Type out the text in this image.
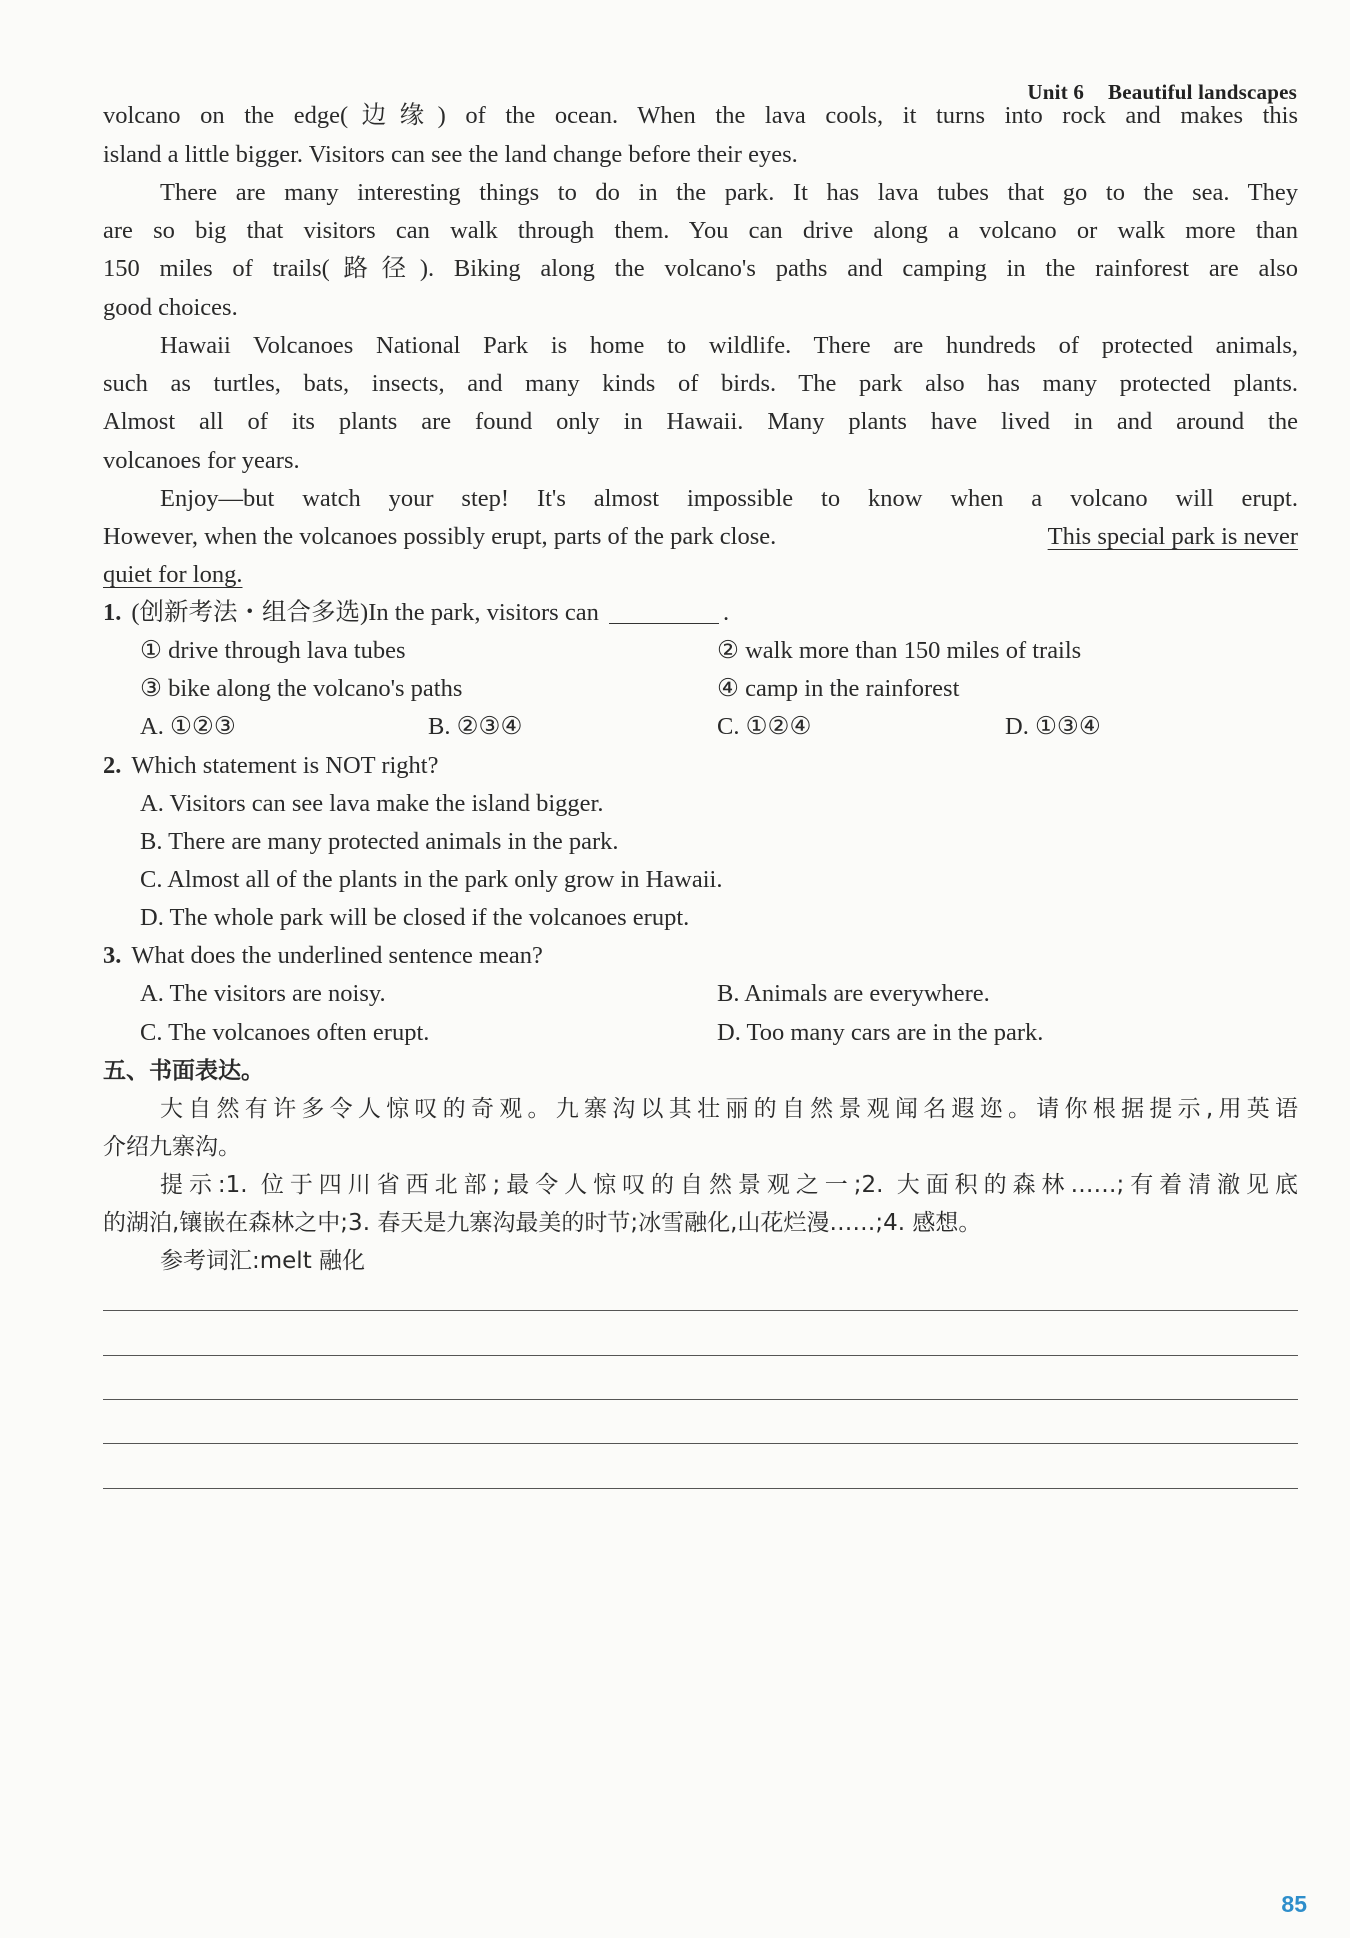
Unit 6 Beautiful landscapes
volcano on the edge(边缘) of the ocean. When the lava cools, it turns into rock and makes this
island a little bigger. Visitors can see the land change before their eyes.
There are many interesting things to do in the park. It has lava tubes that go to the sea. They
are so big that visitors can walk through them. You can drive along a volcano or walk more than
150 miles of trails(路径). Biking along the volcano's paths and camping in the rainforest are also
good choices.
Hawaii Volcanoes National Park is home to wildlife. There are hundreds of protected animals,
such as turtles, bats, insects, and many kinds of birds. The park also has many protected plants.
Almost all of its plants are found only in Hawaii. Many plants have lived in and around the
volcanoes for years.
Enjoy—but watch your step! It's almost impossible to know when a volcano will erupt.
However, when the volcanoes possibly erupt, parts of the park close.	This special park is never
quiet for long.
1. (创新考法・组合多选)In the park, visitors can	.
① drive through lava tubes	② walk more than 150 miles of trails
③ bike along the volcano's paths	④ camp in the rainforest
A. ①②③	B. ②③④	C. ①②④	D. ①③④
2. Which statement is NOT right?
A. Visitors can see lava make the island bigger.
B. There are many protected animals in the park.
C. Almost all of the plants in the park only grow in Hawaii.
D. The whole park will be closed if the volcanoes erupt.
3. What does the underlined sentence mean?
A. The visitors are noisy.	B. Animals are everywhere.
C. The volcanoes often erupt.	D. Too many cars are in the park.
五、书面表达。
大自然有许多令人惊叹的奇观。九寨沟以其壮丽的自然景观闻名遐迩。请你根据提示,用英语
介绍九寨沟。
提示:1. 位于四川省西北部;最令人惊叹的自然景观之一;2. 大面积的森林……;有着清澈见底
的湖泊,镶嵌在森林之中;3. 春天是九寨沟最美的时节;冰雪融化,山花烂漫……;4. 感想。
参考词汇:melt 融化
85
